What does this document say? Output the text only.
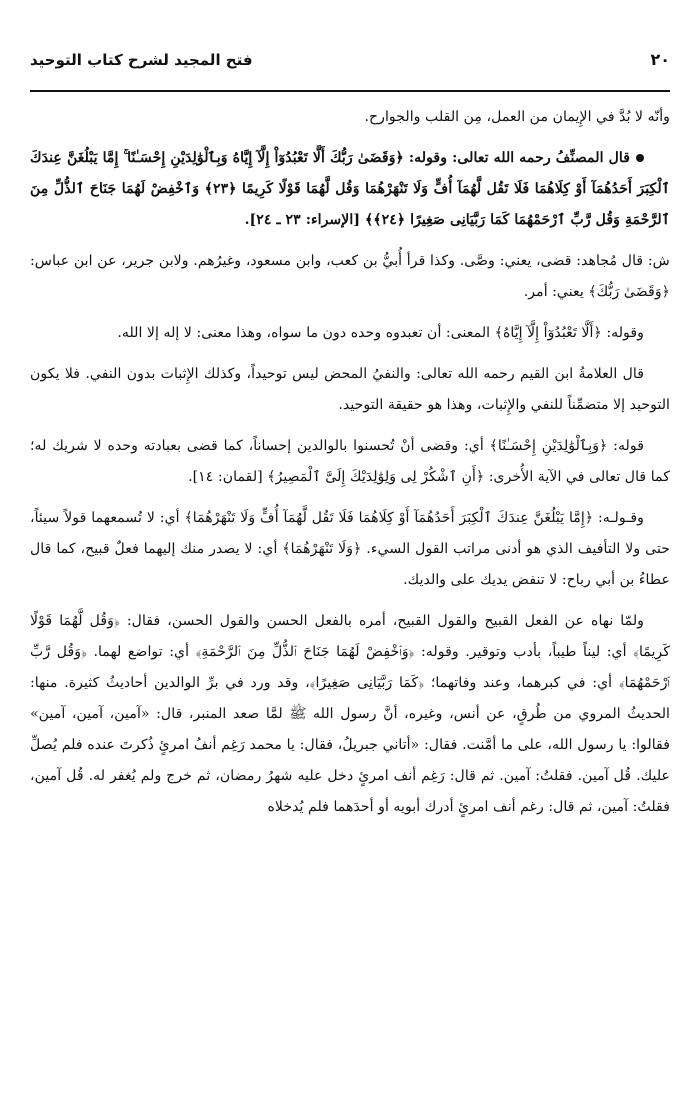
٢٠
فتح المجيد لشرح كتاب التوحيد

وأنّه لا بُدَّ في الإِيمان من العمل، مِن القلب والجوارح.

قال المصنِّفُ رحمه الله تعالى: وقوله: ﴿وَقَضَىٰ رَبُّكَ أَلَّا تَعْبُدُوٓاْ إِلَّآ إِيَّاهُ وَبِٱلْوَٰلِدَيْنِ إِحْسَـٰنًا ۚ إِمَّا يَبْلُغَنَّ عِندَكَ ٱلْكِبَرَ أَحَدُهُمَآ أَوْ كِلَاهُمَا فَلَا تَقُل لَّهُمَآ أُفٍّ وَلَا تَنْهَرْهُمَا وَقُل لَّهُمَا قَوْلًا كَرِيمًا ﴿٢٣﴾ وَٱخْفِضْ لَهُمَا جَنَاحَ ٱلذُّلِّ مِنَ ٱلرَّحْمَةِ وَقُل رَّبِّ ٱرْحَمْهُمَا كَمَا رَبَّيَانِى صَغِيرًا ﴿٢٤﴾﴾ [الإسراء: ٢٣ ـ ٢٤].

ش: قال مُجاهد: قضى، يعني: وصَّى. وكذا قرأ أُبيُّ بن كعب، وابن مسعود، وغيرُهم. ولابن جرير، عن ابن عباس: ﴿وَقَضَىٰ رَبُّكَ﴾ يعني: أمر.

وقوله: ﴿أَلَّا تَعْبُدُوٓاْ إِلَّآ إِيَّاهُ﴾ المعنى: أن تعبدوه وحده دون ما سواه، وهذا معنى: لا إله إلا الله.

قال العلامةُ ابن القيم رحمه الله تعالى: والنفيُ المحض ليس توحيداً، وكذلك الإِثبات بدون النفي. فلا يكون التوحيد إلا متضمِّناً للنفي والإِثبات، وهذا هو حقيقة التوحيد.

قوله: ﴿وَبِٱلْوَٰلِدَيْنِ إِحْسَـٰنًا﴾ أي: وقضى أنْ تُحسنوا بالوالدين إحساناً، كما قضى بعبادته وحده لا شريك له؛ كما قال تعالى في الآية الأُخرى: ﴿أَنِ ٱشْكُرْ لِى وَلِوَٰلِدَيْكَ إِلَىَّ ٱلْمَصِيرُ﴾ [لقمان: ١٤].

وقـولـه: ﴿إِمَّا يَبْلُغَنَّ عِندَكَ ٱلْكِبَرَ أَحَدُهُمَآ أَوْ كِلَاهُمَا فَلَا تَقُل لَّهُمَآ أُفٍّ وَلَا تَنْهَرْهُمَا﴾ أي: لا تُسمعهما قولاً سيئاً، حتى ولا التأفيف الذي هو أدنى مراتب القول السيء. ﴿وَلَا تَنْهَرْهُمَا﴾ أي: لا يصدر منك إليهما فعلٌ قبيح، كما قال عطاءُ بن أبي رباح: لا تنفض يديك على والديك.

ولمّا نهاه عن الفعل القبيح والقول القبيح، أمره بالفعل الحسن والقول الحسن، فقال: ﴿وَقُل لَّهُمَا قَوْلًا كَرِيمًا﴾ أي: ليناً طيباً، بأدب وتوقير. وقوله: ﴿وَٱخْفِضْ لَهُمَا جَنَاحَ ٱلذُّلِّ مِنَ ٱلرَّحْمَةِ﴾ أي: تواضع لهما. ﴿وَقُل رَّبِّ ٱرْحَمْهُمَا﴾ أي: في كبرهما، وعند وفاتهما؛ ﴿كَمَا رَبَّيَانِى صَغِيرًا﴾، وقد ورد في برِّ الوالدين أحاديثُ كثيرة. منها: الحديثُ المروي من طُرقٍ، عن أنس، وغيره، أنَّ رسول الله ﷺ لمَّا صعد المنبر، قال: «آمين، آمين، آمين» فقالوا: يا رسول الله، على ما أمَّنت. فقال: «أتاني جبريلُ، فقال: يا محمد رَغِم أنفُ امرئٍ ذُكرتَ عنده فلم يُصلِّ عليك. قُل آمين. فقلتُ: آمين. ثم قال: رَغِم أنف امرئٍ دخل عليه شهرُ رمضان، ثم خرج ولم يُغفر له. قُل آمين، فقلتُ: آمين، ثم قال: رغم أنف امرئٍ أدرك أبويه أو أحدَهما فلم يُدخلاه
